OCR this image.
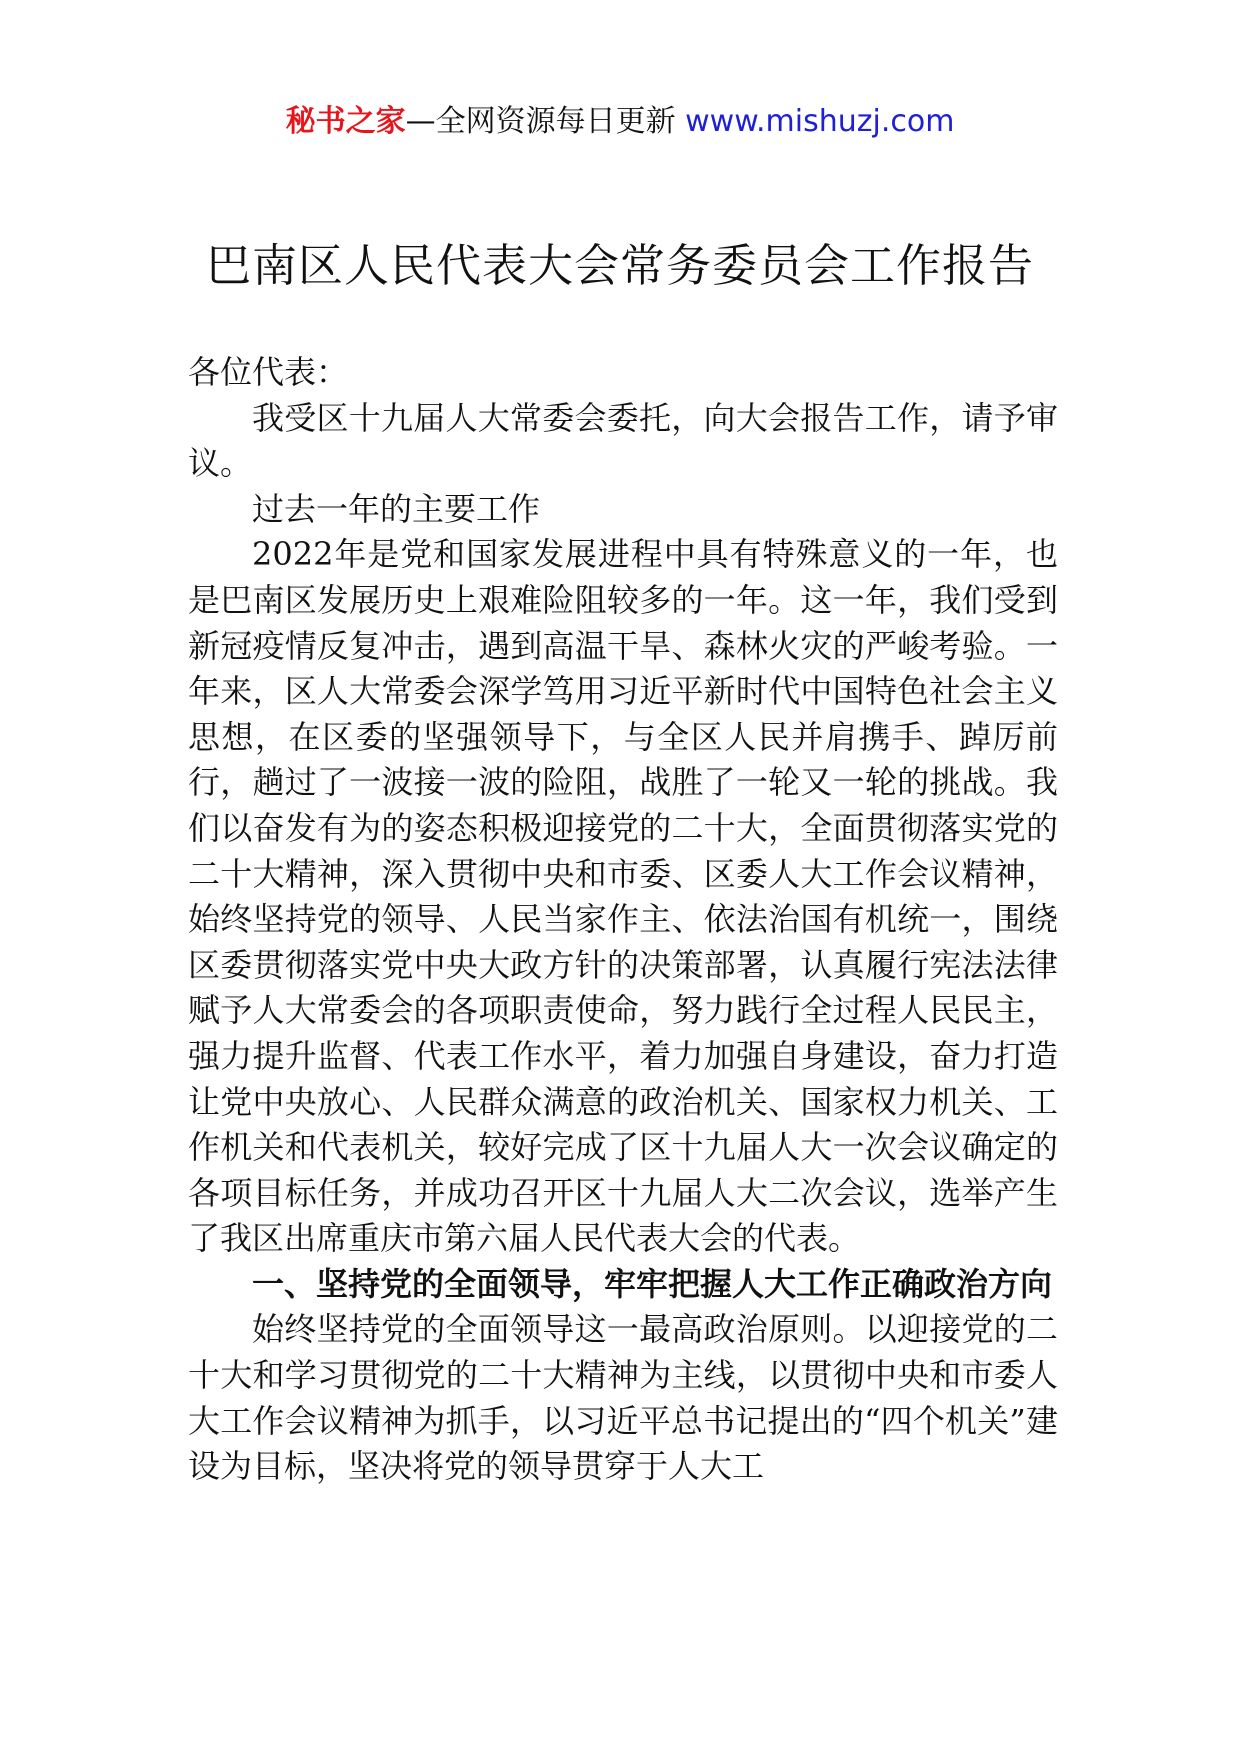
秘书之家—全网资源每日更新 www.mishuzj.com
巴南区人民代表大会常务委员会工作报告

各位代表：

我受区十九届人大常委会委托，向大会报告工作，请予审议。

过去一年的主要工作

2022年是党和国家发展进程中具有特殊意义的一年，也是巴南区发展历史上艰难险阻较多的一年。这一年，我们受到新冠疫情反复冲击，遇到高温干旱、森林火灾的严峻考验。一年来，区人大常委会深学笃用习近平新时代中国特色社会主义思想，在区委的坚强领导下，与全区人民并肩携手、踔厉前行，趟过了一波接一波的险阻，战胜了一轮又一轮的挑战。我们以奋发有为的姿态积极迎接党的二十大，全面贯彻落实党的二十大精神，深入贯彻中央和市委、区委人大工作会议精神，始终坚持党的领导、人民当家作主、依法治国有机统一，围绕区委贯彻落实党中央大政方针的决策部署，认真履行宪法法律赋予人大常委会的各项职责使命，努力践行全过程人民民主，强力提升监督、代表工作水平，着力加强自身建设，奋力打造让党中央放心、人民群众满意的政治机关、国家权力机关、工作机关和代表机关，较好完成了区十九届人大一次会议确定的各项目标任务，并成功召开区十九届人大二次会议，选举产生了我区出席重庆市第六届人民代表大会的代表。

一、坚持党的全面领导，牢牢把握人大工作正确政治方向

始终坚持党的全面领导这一最高政治原则。以迎接党的二十大和学习贯彻党的二十大精神为主线，以贯彻中央和市委人大工作会议精神为抓手，以习近平总书记提出的“四个机关”建设为目标，坚决将党的领导贯穿于人大工
